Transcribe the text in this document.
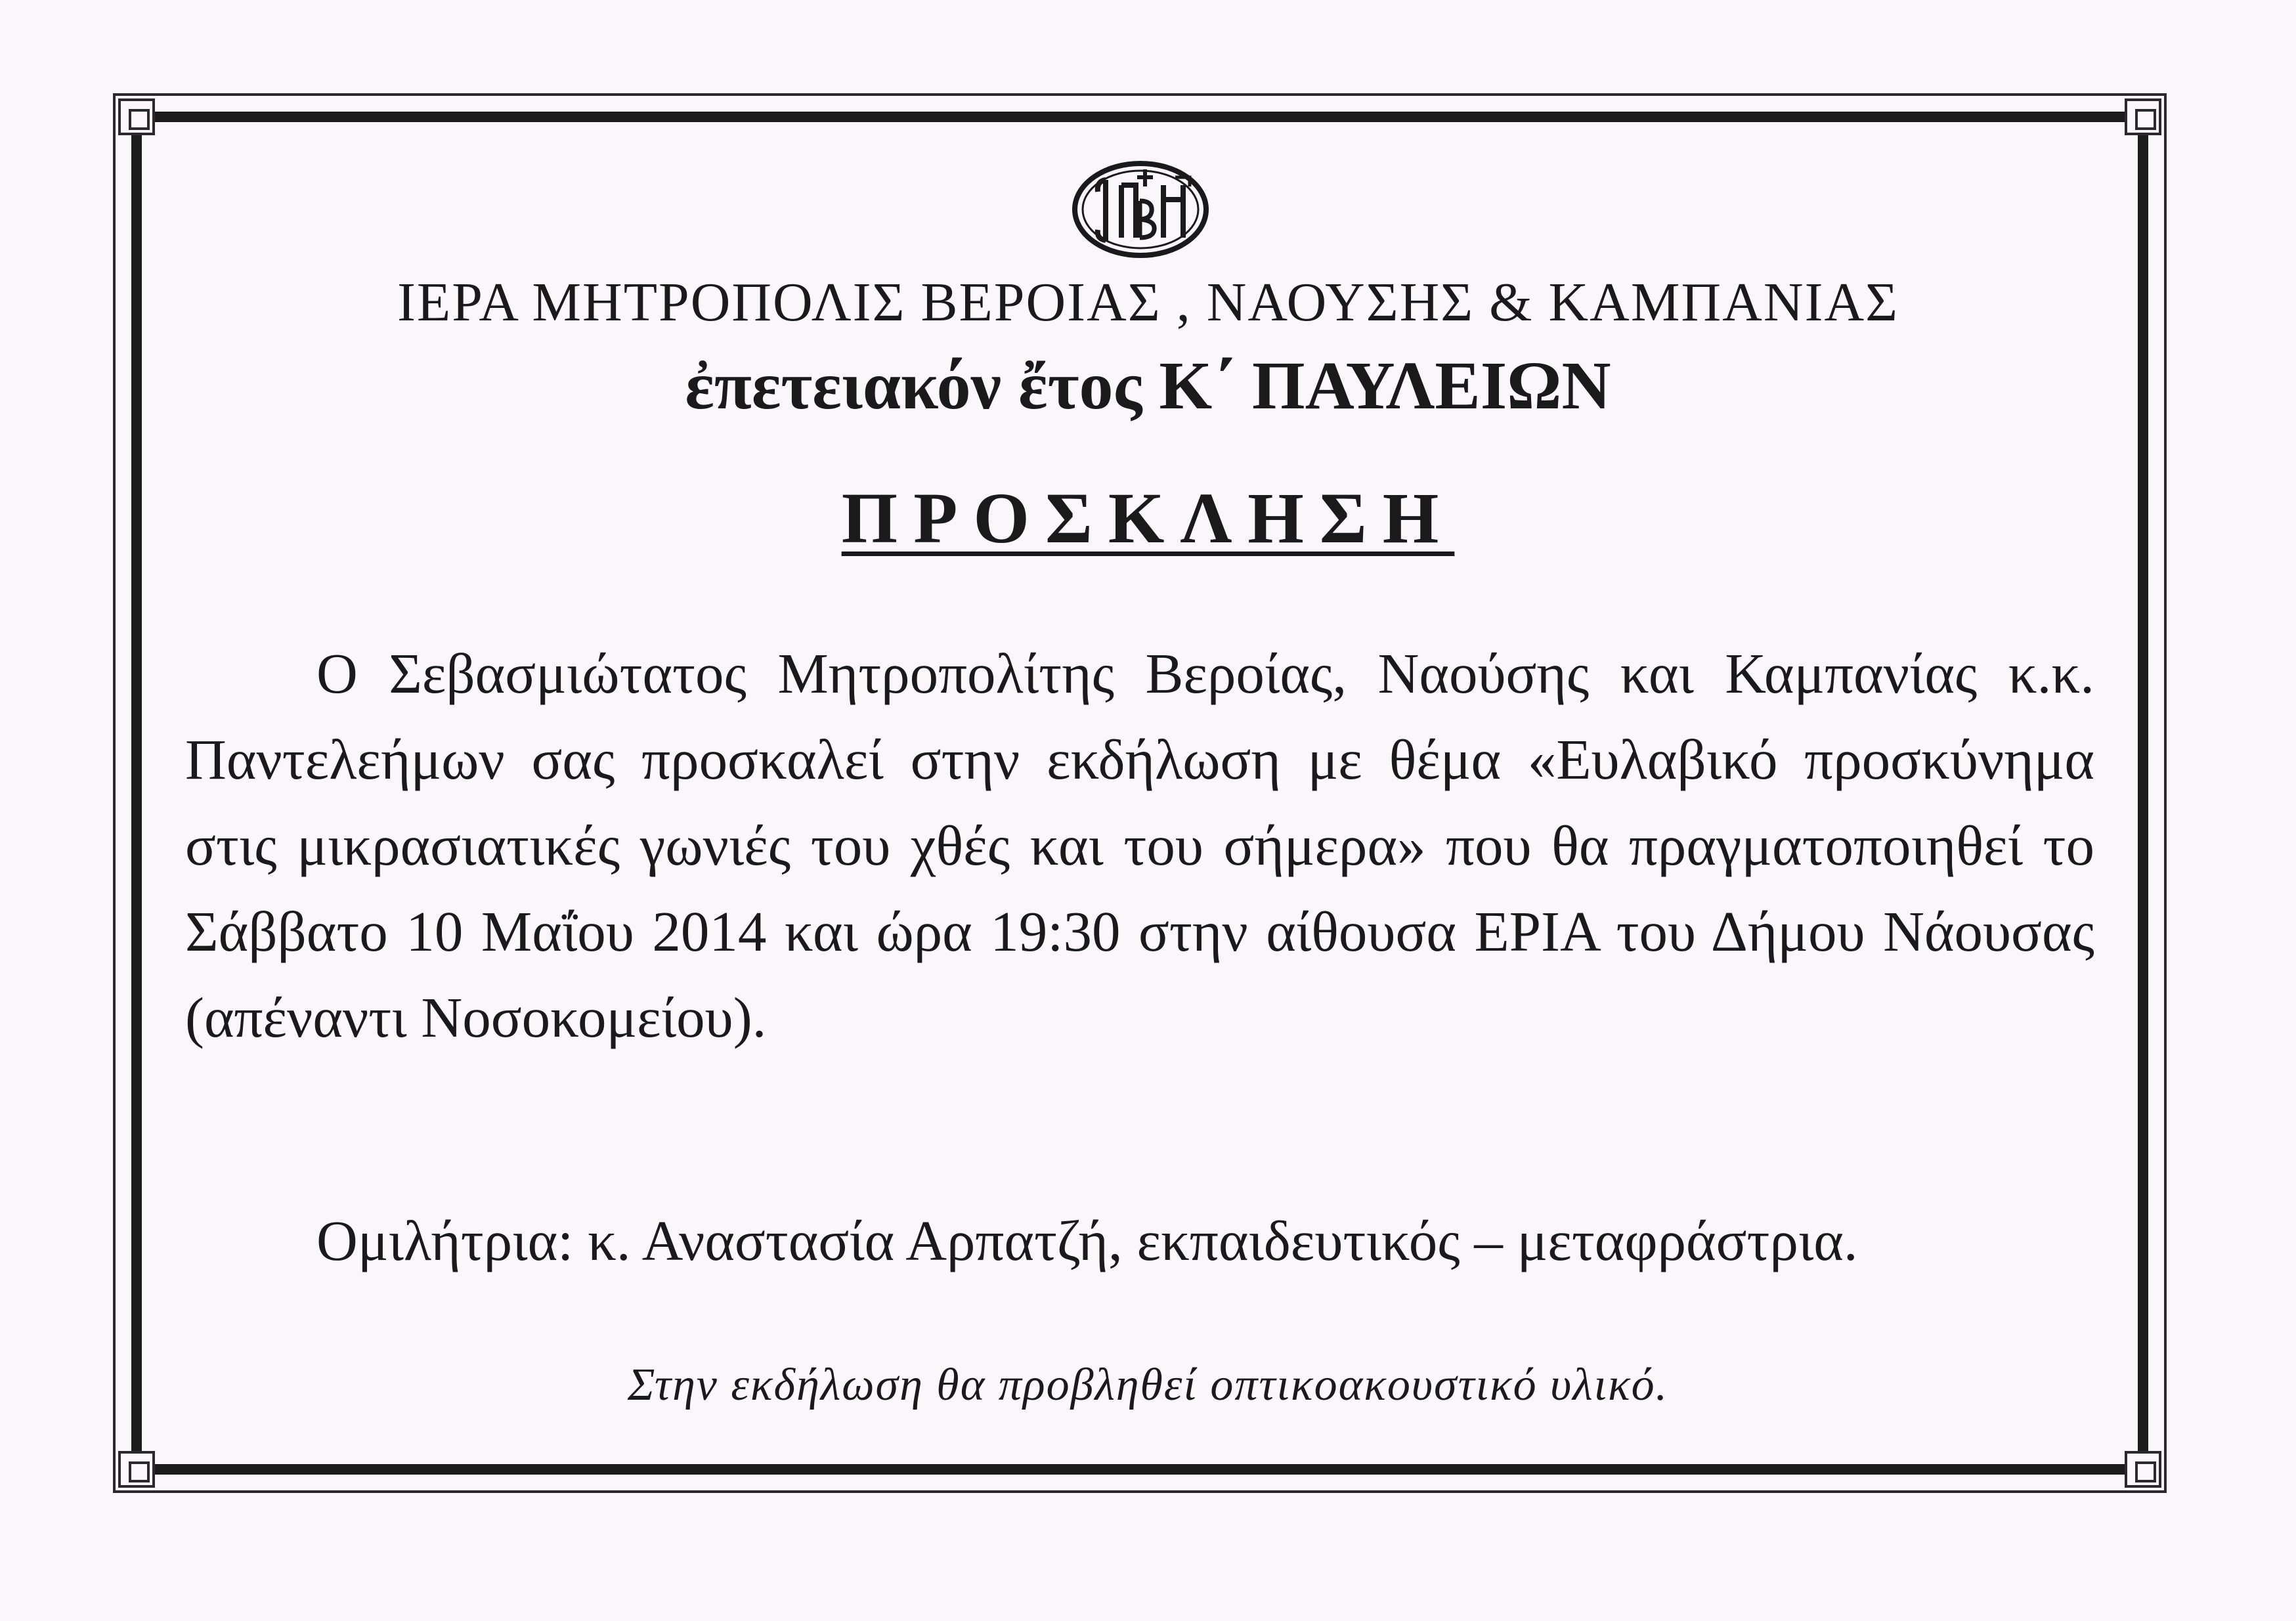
ΙΕΡΑ ΜΗΤΡΟΠΟΛΙΣ ΒΕΡΟΙΑΣ , ΝΑΟΥΣΗΣ & ΚΑΜΠΑΝΙΑΣ
ἐπετειακόν ἔτος Κ΄ ΠΑΥΛΕΙΩΝ
ΠΡΟΣΚΛΗΣΗ

Ο Σεβασμιώτατος Μητροπολίτης Βεροίας, Ναούσης και Καμπανίας κ.κ. Παντελεήμων σας προσκαλεί στην εκδήλωση με θέμα «Ευλαβικό προσκύνημα στις μικρασιατικές γωνιές του χθές και του σήμερα» που θα πραγματοποιηθεί το Σάββατο 10 Μαΐου 2014 και ώρα 19:30 στην αίθουσα ΕΡΙΑ του Δήμου Νάουσας (απέναντι Νοσοκομείου).

Ομιλήτρια: κ. Αναστασία Αρπατζή, εκπαιδευτικός – μεταφράστρια.

Στην εκδήλωση θα προβληθεί οπτικοακουστικό υλικό.
